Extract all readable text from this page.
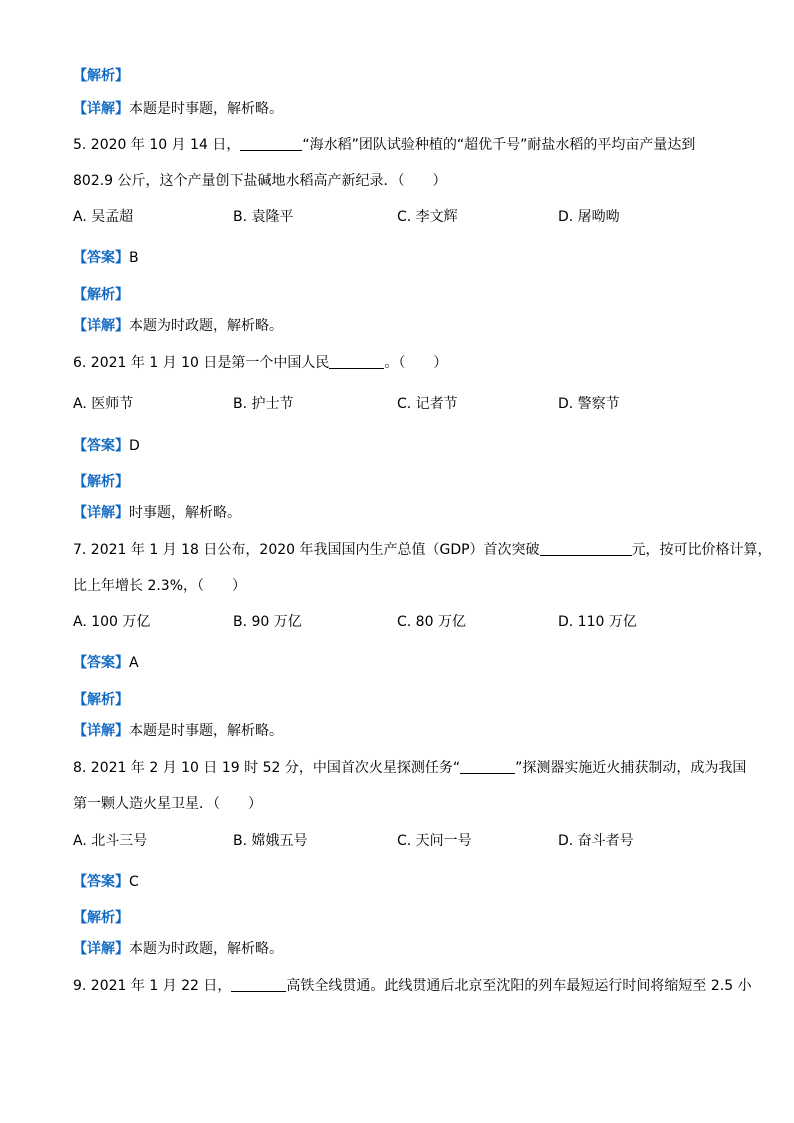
【解析】
【详解】本题是时事题，解析略。
5. 2020 年 10 月 14 日，	“海水稻”团队试验种植的“超优千号”耐盐水稻的平均亩产量达到
802.9 公斤，这个产量创下盐碱地水稻高产新纪录．（　　）
A. 吴孟超	B. 袁隆平	C. 李文辉	D. 屠呦呦
【答案】B
【解析】
【详解】本题为时政题，解析略。
6. 2021 年 1 月 10 日是第一个中国人民	。（　　）
A. 医师节	B. 护士节	C. 记者节	D. 警察节
【答案】D
【解析】
【详解】时事题，解析略。
7. 2021 年 1 月 18 日公布，2020 年我国国内生产总值（GDP）首次突破	元，按可比价格计算，
比上年增长 2.3%，（　　）
A. 100 万亿	B. 90 万亿	C. 80 万亿	D. 110 万亿
【答案】A
【解析】
【详解】本题是时事题，解析略。
8. 2021 年 2 月 10 日 19 时 52 分，中国首次火星探测任务“	”探测器实施近火捕获制动，成为我国
第一颗人造火星卫星．（　　）
A. 北斗三号	B. 嫦娥五号	C. 天问一号	D. 奋斗者号
【答案】C
【解析】
【详解】本题为时政题，解析略。
9. 2021 年 1 月 22 日，	高铁全线贯通。此线贯通后北京至沈阳的列车最短运行时间将缩短至 2.5 小
